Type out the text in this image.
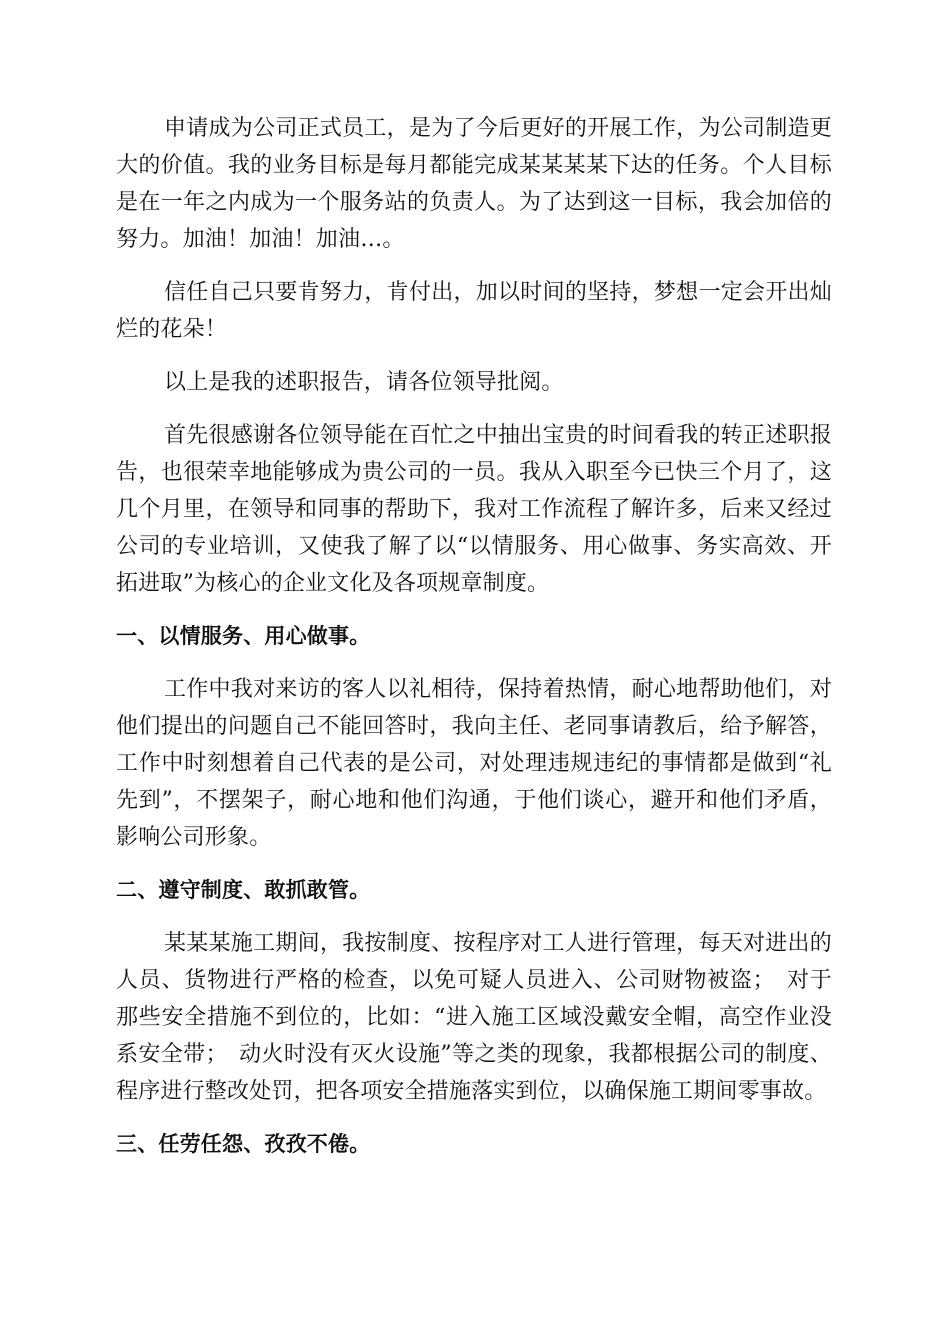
申请成为公司正式员工，是为了今后更好的开展工作，为公司制造更大的价值。我的业务目标是每月都能完成某某某某下达的任务。个人目标是在一年之内成为一个服务站的负责人。为了达到这一目标，我会加倍的努力。加油！加油！加油…。

信任自己只要肯努力，肯付出，加以时间的坚持，梦想一定会开出灿烂的花朵！

以上是我的述职报告，请各位领导批阅。

首先很感谢各位领导能在百忙之中抽出宝贵的时间看我的转正述职报告，也很荣幸地能够成为贵公司的一员。我从入职至今已快三个月了，这几个月里，在领导和同事的帮助下，我对工作流程了解许多，后来又经过公司的专业培训，又使我了解了以“以情服务、用心做事、务实高效、开拓进取”为核心的企业文化及各项规章制度。

一、以情服务、用心做事。

工作中我对来访的客人以礼相待，保持着热情，耐心地帮助他们，对他们提出的问题自己不能回答时，我向主任、老同事请教后，给予解答，工作中时刻想着自己代表的是公司，对处理违规违纪的事情都是做到“礼先到”，不摆架子，耐心地和他们沟通，于他们谈心，避开和他们矛盾，影响公司形象。

二、遵守制度、敢抓敢管。

某某某施工期间，我按制度、按程序对工人进行管理，每天对进出的人员、货物进行严格的检查，以免可疑人员进入、公司财物被盗；　对于那些安全措施不到位的，比如：“进入施工区域没戴安全帽，高空作业没系安全带；　动火时没有灭火设施”等之类的现象，我都根据公司的制度、程序进行整改处罚，把各项安全措施落实到位，以确保施工期间零事故。

三、任劳任怨、孜孜不倦。
